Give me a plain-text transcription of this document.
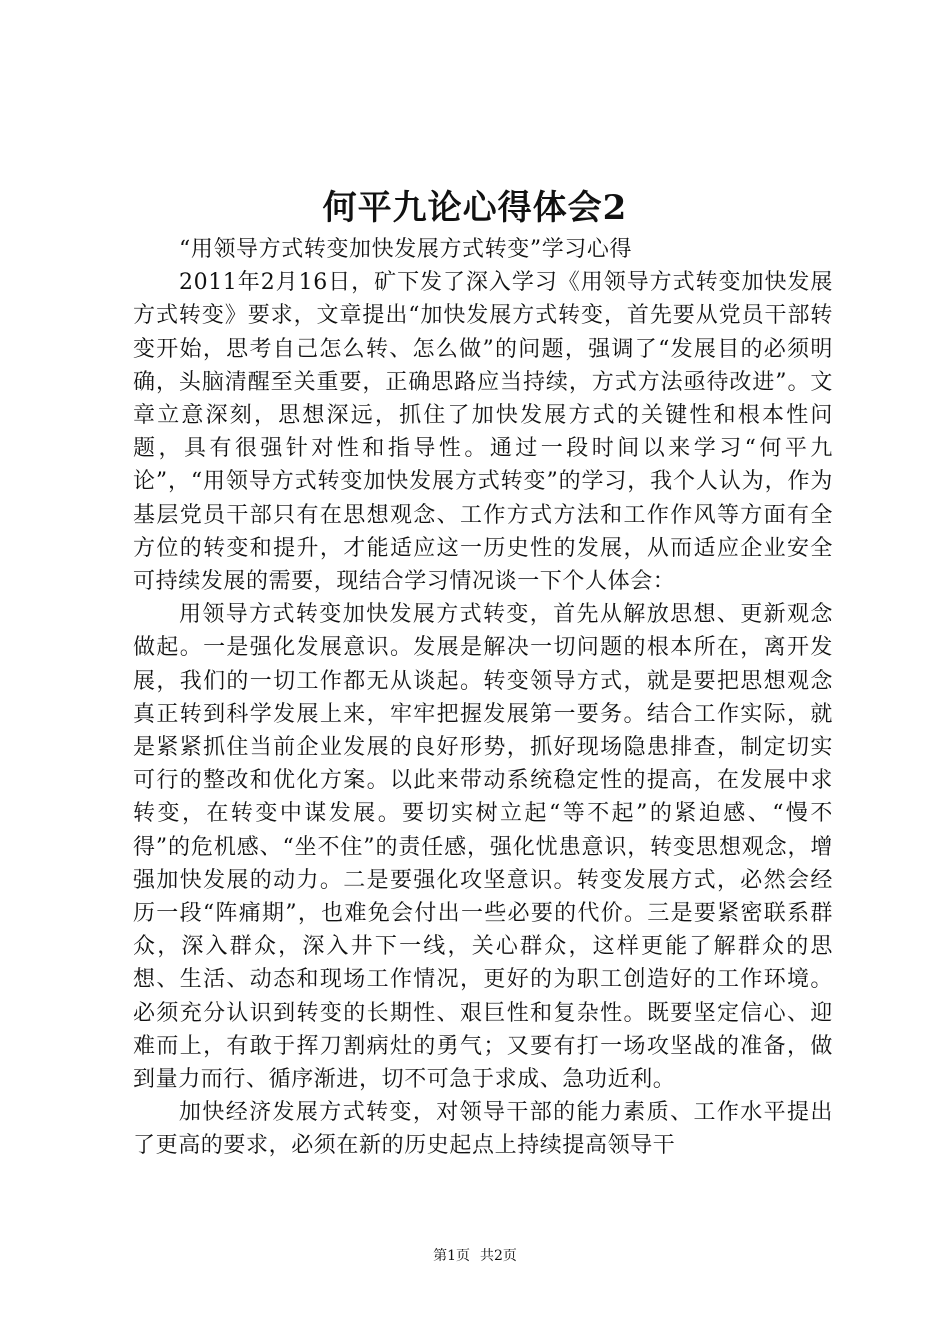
何平九论心得体会2

“用领导方式转变加快发展方式转变”学习心得

2011年2月16日，矿下发了深入学习《用领导方式转变加快发展方式转变》要求，文章提出“加快发展方式转变，首先要从党员干部转变开始，思考自己怎么转、怎么做”的问题，强调了“发展目的必须明确，头脑清醒至关重要，正确思路应当持续，方式方法亟待改进”。文章立意深刻，思想深远，抓住了加快发展方式的关键性和根本性问题，具有很强针对性和指导性。通过一段时间以来学习“何平九论”，“用领导方式转变加快发展方式转变”的学习，我个人认为，作为基层党员干部只有在思想观念、工作方式方法和工作作风等方面有全方位的转变和提升，才能适应这一历史性的发展，从而适应企业安全可持续发展的需要，现结合学习情况谈一下个人体会：

用领导方式转变加快发展方式转变，首先从解放思想、更新观念做起。一是强化发展意识。发展是解决一切问题的根本所在，离开发展，我们的一切工作都无从谈起。转变领导方式，就是要把思想观念真正转到科学发展上来，牢牢把握发展第一要务。结合工作实际，就是紧紧抓住当前企业发展的良好形势，抓好现场隐患排查，制定切实可行的整改和优化方案。以此来带动系统稳定性的提高，在发展中求转变，在转变中谋发展。要切实树立起“等不起”的紧迫感、“慢不得”的危机感、“坐不住”的责任感，强化忧患意识，转变思想观念，增强加快发展的动力。二是要强化攻坚意识。转变发展方式，必然会经历一段“阵痛期”，也难免会付出一些必要的代价。三是要紧密联系群众，深入群众，深入井下一线，关心群众，这样更能了解群众的思想、生活、动态和现场工作情况，更好的为职工创造好的工作环境。必须充分认识到转变的长期性、艰巨性和复杂性。既要坚定信心、迎难而上，有敢于挥刀割病灶的勇气；又要有打一场攻坚战的准备，做到量力而行、循序渐进，切不可急于求成、急功近利。

加快经济发展方式转变，对领导干部的能力素质、工作水平提出了更高的要求，必须在新的历史起点上持续提高领导干

第1页 共2页
